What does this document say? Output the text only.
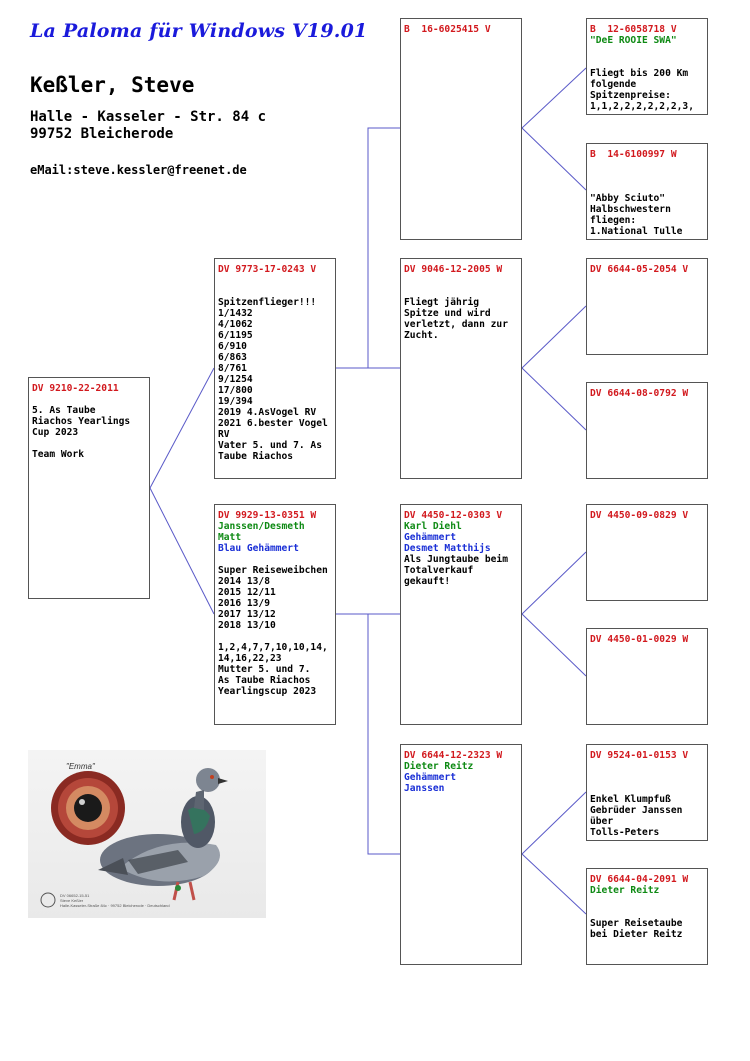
La Paloma für Windows V19.01
Keßler, Steve
Halle - Kasseler - Str. 84 c
99752 Bleicherode
eMail:steve.kessler@freenet.de
DV 9210-22-2011
5. As Taube
Riachos Yearlings
Cup 2023
Team Work
DV 9773-17-0243 V
Spitzenflieger!!!
1/1432
4/1062
6/1195
6/910
6/863
8/761
9/1254
17/800
19/394
2019 4.AsVogel RV
2021 6.bester Vogel
RV
Vater 5. und 7. As
Taube Riachos
DV 9929-13-0351 W
Janssen/Desmeth Matt
Blau Gehämmert
Super Reiseweibchen
2014 13/8
2015 12/11
2016 13/9
2017 13/12
2018 13/10
1,2,4,7,7,10,10,14,
14,16,22,23
Mutter 5. und 7.
As Taube Riachos
Yearlingscup 2023
B  16-6025415 V
DV 9046-12-2005 W
Fliegt jährig
Spitze und wird
verletzt, dann zur
Zucht.
DV 4450-12-0303 V
Karl Diehl
Gehämmert
Desmet Matthijs
Als Jungtaube beim
Totalverkauf
gekauft!
DV 6644-12-2323 W
Dieter Reitz
Gehämmert
Janssen
B  12-6058718 V
"DeE ROOIE SWA"
Fliegt bis 200 Km
folgende
Spitzenpreise:
1,1,2,2,2,2,2,2,3,
B  14-6100997 W
"Abby Sciuto"
Halbschwestern
fliegen:
1.National Tulle
DV 6644-05-2054 V
DV 6644-08-0792 W
DV 4450-09-0829 V
DV 4450-01-0029 W
DV 9524-01-0153 V
Enkel Klumpfuß
Gebrüder Janssen
über
Tolls-Peters
DV 6644-04-2091 W
Dieter Reitz
Super Reisetaube
bei Dieter Reitz
"Emma"
DV 06652-15-51
Steve Keßler
Halle-Kasseler-Straße 84c · 99752 Bleicherode · Deutschland
